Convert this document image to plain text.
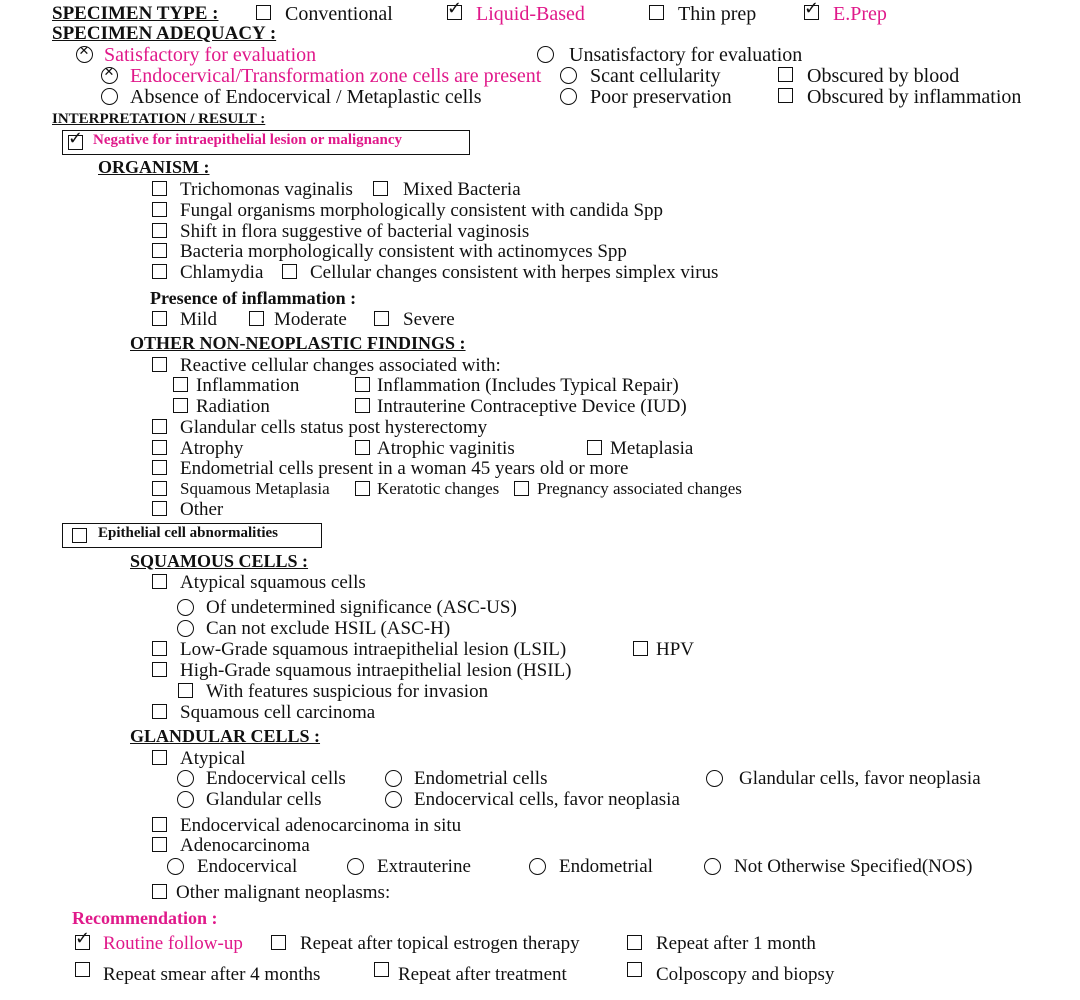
SPECIMEN TYPE :	Conventional	✓ Liquid-Based	Thin prep	✓ E.Prep
SPECIMEN ADEQUACY :
✕ Satisfactory for evaluation	Unsatisfactory for evaluation
✕ Endocervical/Transformation zone cells are present Scant cellularity	Obscured by blood
Absence of Endocervical / Metaplastic cells	Poor preservation	Obscured by inflammation
INTERPRETATION / RESULT :
✓ Negative for intraepithelial lesion or malignancy
ORGANISM :
Trichomonas vaginalis	Mixed Bacteria
Fungal organisms morphologically consistent with candida Spp
Shift in flora suggestive of bacterial vaginosis
Bacteria morphologically consistent with actinomyces Spp
Chlamydia Cellular changes consistent with herpes simplex virus
Presence of inflammation :
Mild	Moderate	Severe
OTHER NON-NEOPLASTIC FINDINGS :
Reactive cellular changes associated with:
Inflammation	Inflammation (Includes Typical Repair)
Radiation	Intrauterine Contraceptive Device (IUD)
Glandular cells status post hysterectomy
Atrophy	Atrophic vaginitis	Metaplasia
Endometrial cells present in a woman 45 years old or more
Squamous Metaplasia	Keratotic changes Pregnancy associated changes
Other
Epithelial cell abnormalities
SQUAMOUS CELLS :
Atypical squamous cells
Of undetermined significance (ASC-US)
Can not exclude HSIL (ASC-H)
Low-Grade squamous intraepithelial lesion (LSIL)	HPV
High-Grade squamous intraepithelial lesion (HSIL)
With features suspicious for invasion
Squamous cell carcinoma
GLANDULAR CELLS :
Atypical
Endocervical cells	Endometrial cells	Glandular cells, favor neoplasia
Glandular cells	Endocervical cells, favor neoplasia
Endocervical adenocarcinoma in situ
Adenocarcinoma
Endocervical	Extrauterine	Endometrial	Not Otherwise Specified(NOS)
Other malignant neoplasms:
Recommendation :
✓ Routine follow-up	Repeat after topical estrogen therapy	Repeat after 1 month
Repeat smear after 4 months	Repeat after treatment	Colposcopy and biopsy
